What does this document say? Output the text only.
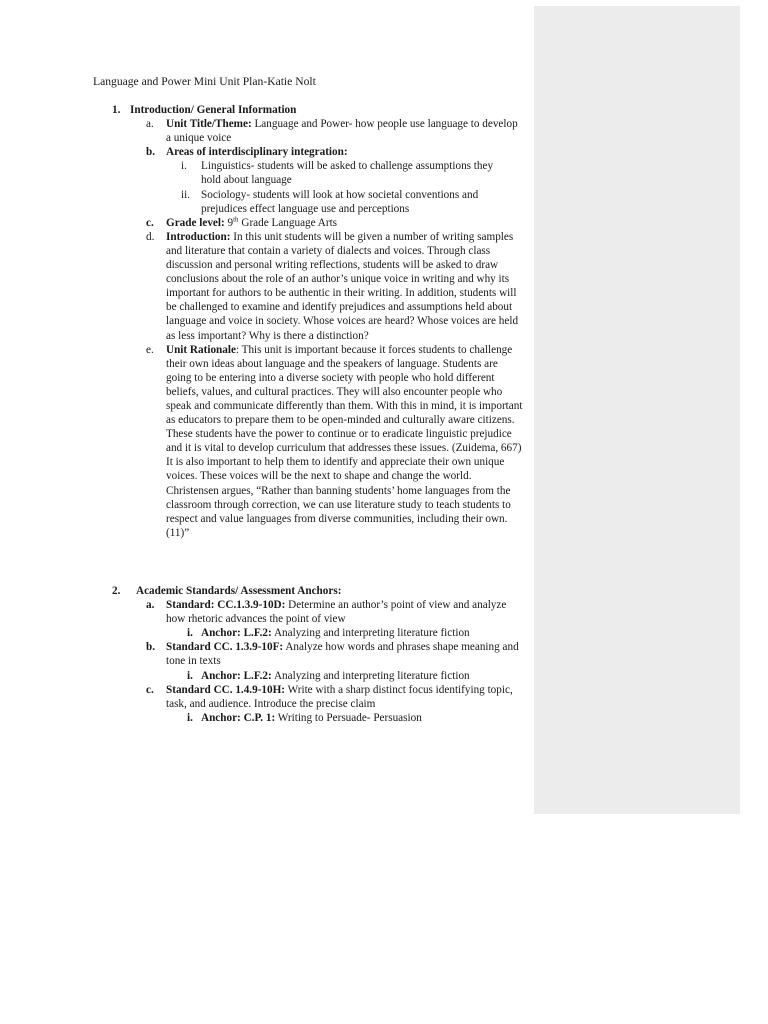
Language and Power Mini Unit Plan-Katie Nolt
1. Introduction/ General Information
a. Unit Title/Theme: Language and Power- how people use language to develop a unique voice
b. Areas of interdisciplinary integration:
i. Linguistics- students will be asked to challenge assumptions they hold about language
ii. Sociology- students will look at how societal conventions and prejudices effect language use and perceptions
c. Grade level: 9th Grade Language Arts
d. Introduction: In this unit students will be given a number of writing samples and literature that contain a variety of dialects and voices. Through class discussion and personal writing reflections, students will be asked to draw conclusions about the role of an author’s unique voice in writing and why its important for authors to be authentic in their writing. In addition, students will be challenged to examine and identify prejudices and assumptions held about language and voice in society. Whose voices are heard? Whose voices are held as less important? Why is there a distinction?
e. Unit Rationale: This unit is important because it forces students to challenge their own ideas about language and the speakers of language. Students are going to be entering into a diverse society with people who hold different beliefs, values, and cultural practices. They will also encounter people who speak and communicate differently than them. With this in mind, it is important as educators to prepare them to be open-minded and culturally aware citizens. These students have the power to continue or to eradicate linguistic prejudice and it is vital to develop curriculum that addresses these issues. (Zuidema, 667) It is also important to help them to identify and appreciate their own unique voices. These voices will be the next to shape and change the world. Christensen argues, “Rather than banning students’ home languages from the classroom through correction, we can use literature study to teach students to respect and value languages from diverse communities, including their own.(11)”
2. Academic Standards/ Assessment Anchors:
a. Standard: CC.1.3.9-10D: Determine an author’s point of view and analyze how rhetoric advances the point of view
i. Anchor: L.F.2: Analyzing and interpreting literature fiction
b. Standard CC. 1.3.9-10F: Analyze how words and phrases shape meaning and tone in texts
i. Anchor: L.F.2: Analyzing and interpreting literature fiction
c. Standard CC. 1.4.9-10H: Write with a sharp distinct focus identifying topic, task, and audience. Introduce the precise claim
i. Anchor: C.P. 1: Writing to Persuade- Persuasion
